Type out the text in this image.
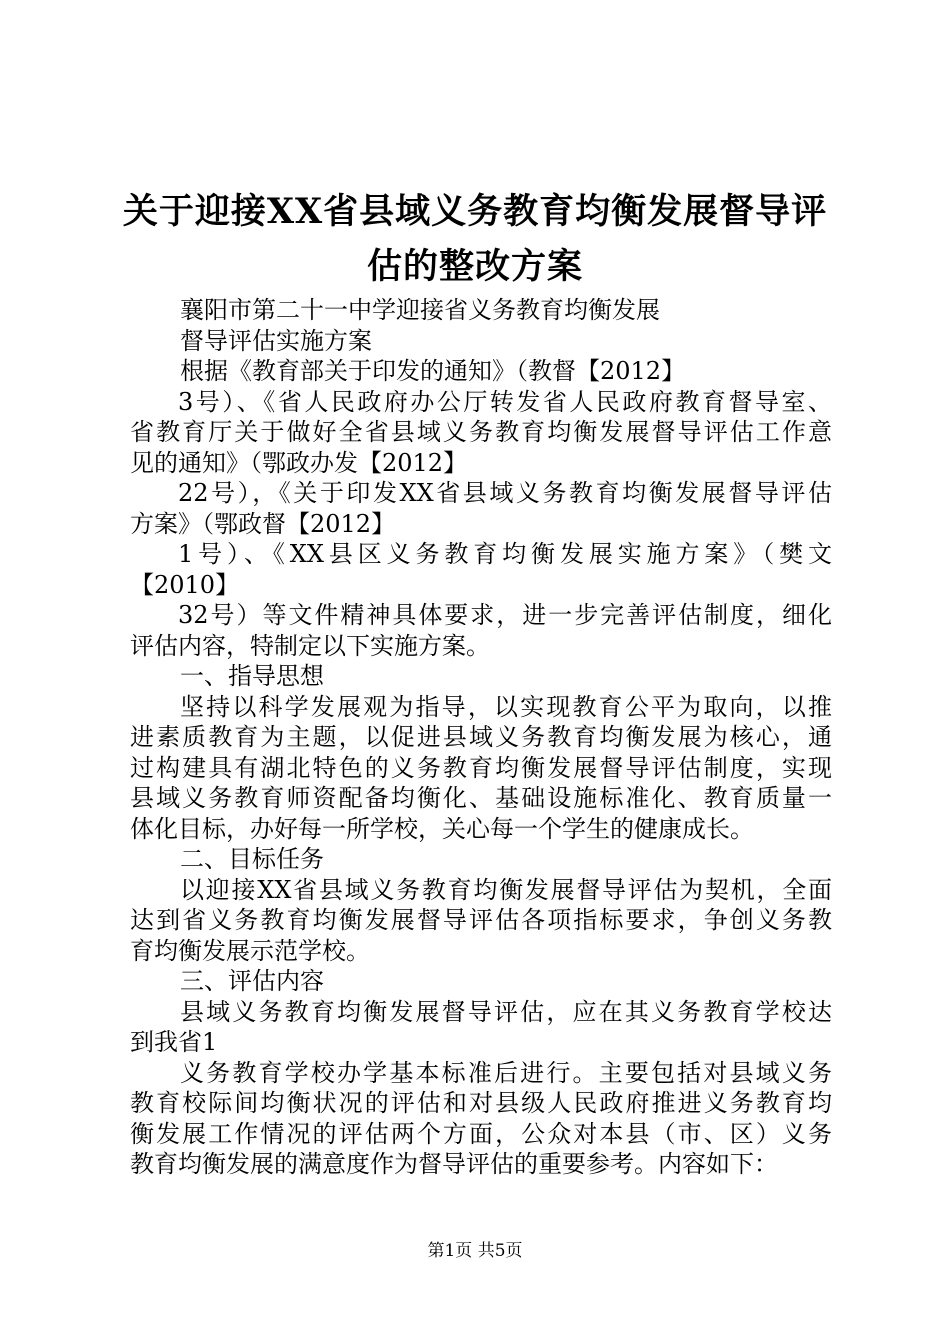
关于迎接XX省县域义务教育均衡发展督导评
估的整改方案
襄阳市第二十一中学迎接省义务教育均衡发展
督导评估实施方案
根据《教育部关于印发的通知》（教督【2012】
3号）、《省人民政府办公厅转发省人民政府教育督导室、
省教育厅关于做好全省县域义务教育均衡发展督导评估工作意
见的通知》（鄂政办发【2012】
22号），《关于印发XX省县域义务教育均衡发展督导评估
方案》（鄂政督【2012】
1号）、《XX县区义务教育均衡发展实施方案》（樊文
【2010】
32号）等文件精神具体要求，进一步完善评估制度，细化
评估内容，特制定以下实施方案。
一、指导思想
坚持以科学发展观为指导，以实现教育公平为取向，以推
进素质教育为主题，以促进县域义务教育均衡发展为核心，通
过构建具有湖北特色的义务教育均衡发展督导评估制度，实现
县域义务教育师资配备均衡化、基础设施标准化、教育质量一
体化目标，办好每一所学校，关心每一个学生的健康成长。
二、目标任务
以迎接XX省县域义务教育均衡发展督导评估为契机，全面
达到省义务教育均衡发展督导评估各项指标要求，争创义务教
育均衡发展示范学校。
三、评估内容
县域义务教育均衡发展督导评估，应在其义务教育学校达
到我省1
义务教育学校办学基本标准后进行。主要包括对县域义务
教育校际间均衡状况的评估和对县级人民政府推进义务教育均
衡发展工作情况的评估两个方面，公众对本县（市、区）义务
教育均衡发展的满意度作为督导评估的重要参考。内容如下：
第1页 共5页
